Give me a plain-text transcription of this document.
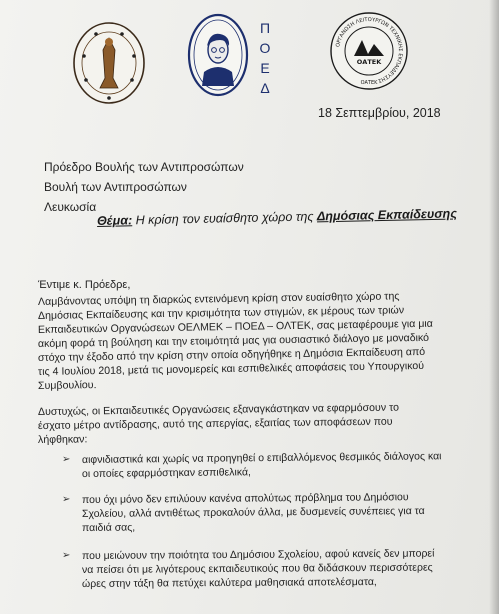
Π
Ο
Ε
Δ
ΟΡΓΑΝΩΣΗ ΛΕΙΤΟΥΡΓΩΝ ΤΕΧΝΙΚΗΣ ΕΚΠΑΙΔΕΥΣΗΣ
ΟΑΤΕΚ
ΟΑΤΕΚ
18 Σεπτεμβρίου, 2018
Πρόεδρο Βουλής των Αντιπροσώπων
Βουλή των Αντιπροσώπων
Λευκωσία
Θέμα: Η κρίση τον ευαίσθητο χώρο της Δημόσιας Εκπαίδευσης
Έντιμε κ. Πρόεδρε,
Λαμβάνοντας υπόψη τη διαρκώς εντεινόμενη κρίση στον ευαίσθητο χώρο της
Δημόσιας Εκπαίδευσης και την κρισιμότητα των στιγμών, εκ μέρους των τριών
Εκπαιδευτικών Οργανώσεων ΟΕΛΜΕΚ – ΠΟΕΔ – ΟΛΤΕΚ, σας μεταφέρουμε για μια
ακόμη φορά τη βούληση και την ετοιμότητά μας για ουσιαστικό διάλογο με μοναδικό
στόχο την έξοδο από την κρίση στην οποία οδηγήθηκε η Δημόσια Εκπαίδευση από
τις 4 Ιουλίου 2018, μετά τις μονομερείς και εσπιθελικές αποφάσεις του Υπουργικού
Συμβουλίου.
Δυστυχώς, οι Εκπαιδευτικές Οργανώσεις εξαναγκάστηκαν να εφαρμόσουν το
έσχατο μέτρο αντίδρασης, αυτό της απεργίας, εξαιτίας των αποφάσεων που
λήφθηκαν:
➢ αιφνιδιαστικά και χωρίς να προηγηθεί ο επιβαλλόμενος θεσμικός διάλογος και
οι οποίες εφαρμόστηκαν εσπιθελικά,
➢ που όχι μόνο δεν επιλύουν κανένα απολύτως πρόβλημα του Δημόσιου
Σχολείου, αλλά αντιθέτως προκαλούν άλλα, με δυσμενείς συνέπειες για τα
παιδιά σας,
➢ που μειώνουν την ποιότητα του Δημόσιου Σχολείου, αφού κανείς δεν μπορεί
να πείσει ότι με λιγότερους εκπαιδευτικούς που θα διδάσκουν περισσότερες
ώρες στην τάξη θα πετύχει καλύτερα μαθησιακά αποτελέσματα,
